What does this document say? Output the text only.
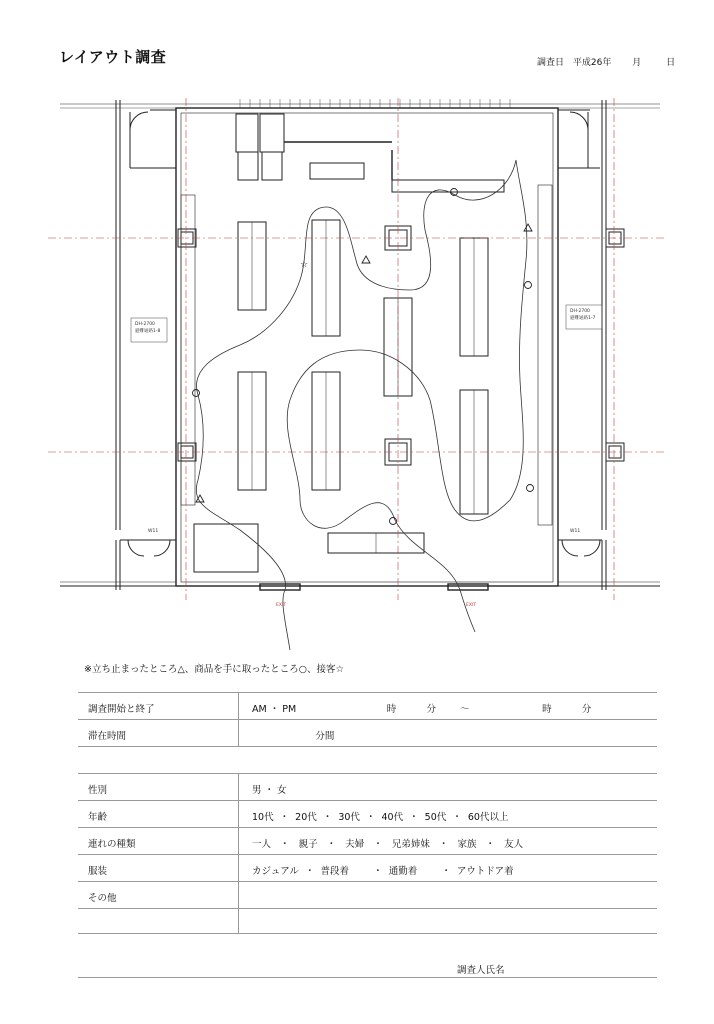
レイアウト調査	調査日 平成26年 月	日
☆
DH-2700
避難通路1-8
DH-2700
避難通路1-7
W11	W11
EXIT	EXIT
※立ち止まったところ△、商品を手に取ったところ○、接客☆
調査開始と終了	AM ・ PM                              時          分        〜                        時          分
滞在時間	分間
性別	男 ・ 女
年齢	10代  ・  20代  ・  30代  ・  40代  ・  50代  ・  60代以上
連れの種類	一人   ・   親子   ・   夫婦   ・   兄弟姉妹   ・   家族   ・   友人
服装	カジュアル  ・  普段着        ・  通勤着        ・  アウトドア着
その他
調査人氏名
